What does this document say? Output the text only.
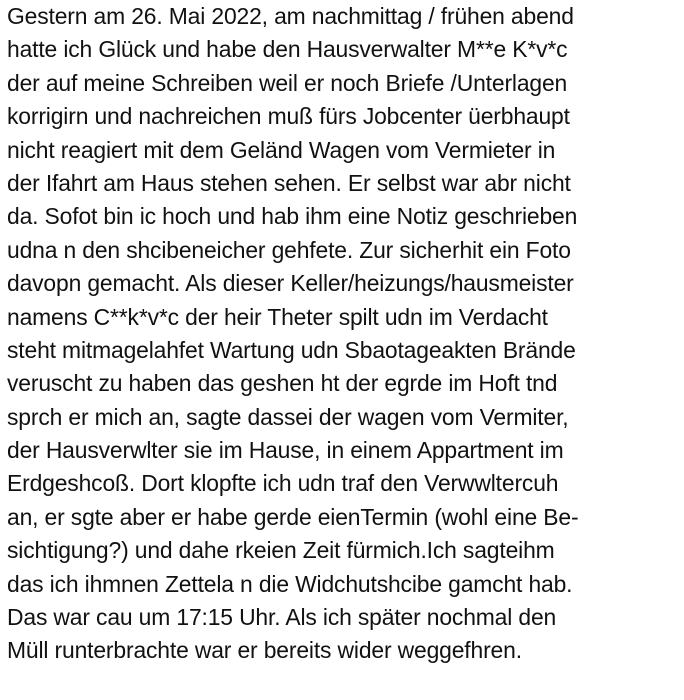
Gestern am 26. Mai 2022, am nachmittag / frühen abend
hatte ich Glück und habe den Hausverwalter M**e K*v*c
der auf meine Schreiben weil er noch Briefe /Unterlagen
korrigirn und nachreichen muß fürs Jobcenter üerbhaupt
nicht reagiert mit dem Geländ Wagen vom Vermieter in
der Ifahrt am Haus stehen sehen. Er selbst war abr nicht
da. Sofot bin ic hoch und hab ihm eine Notiz geschrieben
udna n den shcibeneicher gehfete. Zur sicherhit ein Foto
davopn gemacht. Als dieser Keller/heizungs/hausmeister
namens C**k*v*c der heir Theter spilt udn im Verdacht
steht mitmagelahfet Wartung udn Sbaotageakten Brände
veruscht zu haben das geshen ht der egrde im Hoft tnd
sprch er mich an, sagte dassei der wagen vom Vermiter,
der Hausverwlter sie im Hause, in einem Appartment im
Erdgeshcoß. Dort klopfte ich udn traf den Verwwltercuh
an, er sgte aber er habe gerde eienTermin (wohl eine Be-
sichtigung?) und dahe rkeien Zeit fürmich.Ich sagteihm
das ich ihmnen Zettela n die Widchutshcibe gamcht hab.
Das war cau um 17:15 Uhr. Als ich später nochmal den
Müll runterbrachte war er bereits wider weggefhren.
